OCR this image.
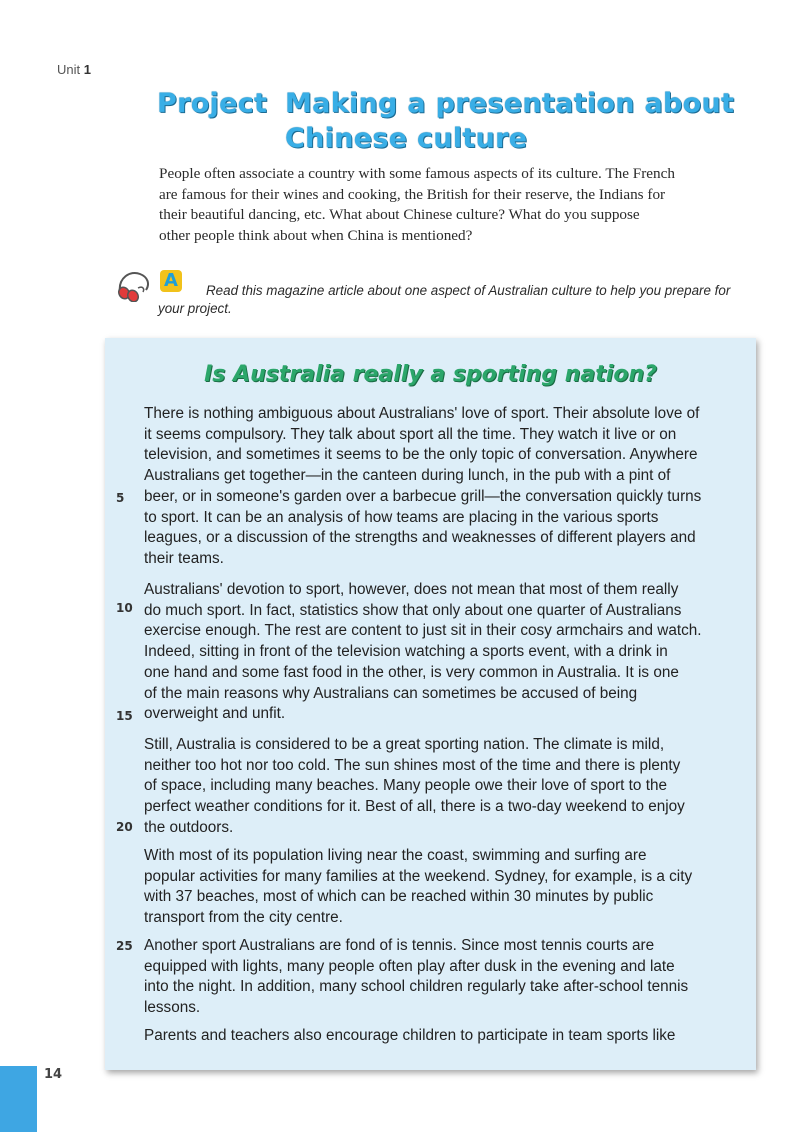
Unit 1
Project Making a presentation about
Chinese culture
People often associate a country with some famous aspects of its culture. The French
are famous for their wines and cooking, the British for their reserve, the Indians for
their beautiful dancing, etc. What about Chinese culture? What do you suppose
other people think about when China is mentioned?
A	Read this magazine article about one aspect of Australian culture to help you prepare for your project.
Is Australia really a sporting nation?
There is nothing ambiguous about Australians' love of sport. Their absolute love of
it seems compulsory. They talk about sport all the time. They watch it live or on
television, and sometimes it seems to be the only topic of conversation. Anywhere
Australians get together—in the canteen during lunch, in the pub with a pint of
beer, or in someone's garden over a barbecue grill—the conversation quickly turns
to sport. It can be an analysis of how teams are placing in the various sports
leagues, or a discussion of the strengths and weaknesses of different players and
their teams.
Australians' devotion to sport, however, does not mean that most of them really
do much sport. In fact, statistics show that only about one quarter of Australians
exercise enough. The rest are content to just sit in their cosy armchairs and watch.
Indeed, sitting in front of the television watching a sports event, with a drink in
one hand and some fast food in the other, is very common in Australia. It is one
of the main reasons why Australians can sometimes be accused of being
overweight and unfit.
Still, Australia is considered to be a great sporting nation. The climate is mild,
neither too hot nor too cold. The sun shines most of the time and there is plenty
of space, including many beaches. Many people owe their love of sport to the
perfect weather conditions for it. Best of all, there is a two-day weekend to enjoy
the outdoors.
With most of its population living near the coast, swimming and surfing are
popular activities for many families at the weekend. Sydney, for example, is a city
with 37 beaches, most of which can be reached within 30 minutes by public
transport from the city centre.
Another sport Australians are fond of is tennis. Since most tennis courts are
equipped with lights, many people often play after dusk in the evening and late
into the night. In addition, many school children regularly take after-school tennis
lessons.
Parents and teachers also encourage children to participate in team sports like
5
10
15
20
25
14
